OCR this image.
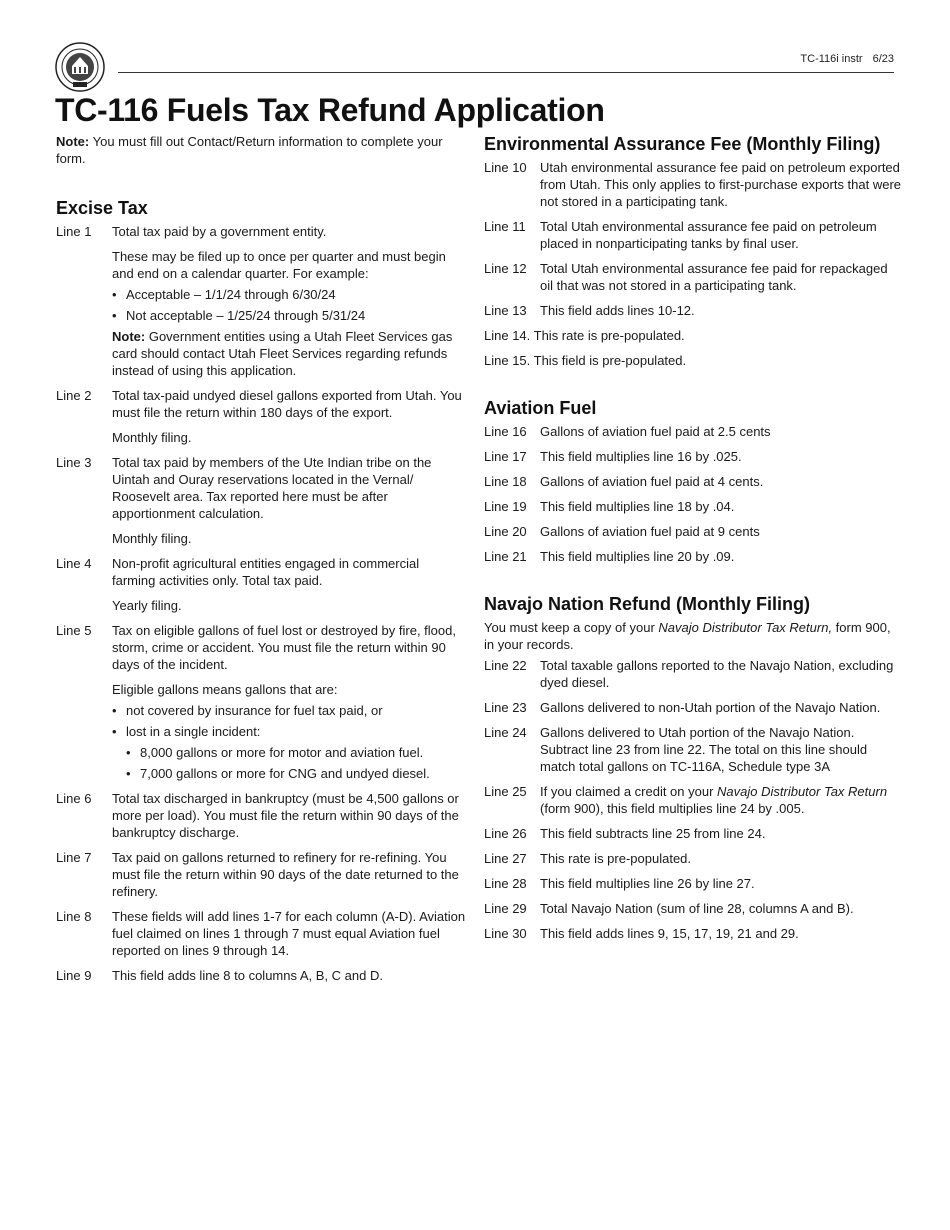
TC-116i instr 6/23
TC-116 Fuels Tax Refund Application

Note: You must fill out Contact/Return information to complete your form.

Excise Tax
Line 1	Total tax paid by a government entity.
These may be filed up to once per quarter and must begin and end on a calendar quarter. For example:
• Acceptable – 1/1/24 through 6/30/24
• Not acceptable – 1/25/24 through 5/31/24
Note: Government entities using a Utah Fleet Services gas card should contact Utah Fleet Services regarding refunds instead of using this application.
Line 2	Total tax-paid undyed diesel gallons exported from Utah. You must file the return within 180 days of the export.
Monthly filing.
Line 3	Total tax paid by members of the Ute Indian tribe on the Uintah and Ouray reservations located in the Vernal/ Roosevelt area. Tax reported here must be after apportionment calculation.
Monthly filing.
Line 4	Non-profit agricultural entities engaged in commercial farming activities only. Total tax paid.
Yearly filing.
Line 5	Tax on eligible gallons of fuel lost or destroyed by fire, flood, storm, crime or accident. You must file the return within 90 days of the incident.
Eligible gallons means gallons that are:
• not covered by insurance for fuel tax paid, or
• lost in a single incident:
• 8,000 gallons or more for motor and aviation fuel.
• 7,000 gallons or more for CNG and undyed diesel.
Line 6	Total tax discharged in bankruptcy (must be 4,500 gallons or more per load). You must file the return within 90 days of the bankruptcy discharge.
Line 7	Tax paid on gallons returned to refinery for re-refining. You must file the return within 90 days of the date returned to the refinery.
Line 8	These fields will add lines 1-7 for each column (A-D). Aviation fuel claimed on lines 1 through 7 must equal Aviation fuel reported on lines 9 through 14.
Line 9	This field adds line 8 to columns A, B, C and D.
Environmental Assurance Fee (Monthly Filing)
Line 10	Utah environmental assurance fee paid on petroleum exported from Utah. This only applies to first-purchase exports that were not stored in a participating tank.
Line 11	Total Utah environmental assurance fee paid on petroleum placed in nonparticipating tanks by final user.
Line 12	Total Utah environmental assurance fee paid for repackaged oil that was not stored in a participating tank.
Line 13	This field adds lines 10-12.
Line 14. This rate is pre-populated.
Line 15. This field is pre-populated.
Aviation Fuel
Line 16	Gallons of aviation fuel paid at 2.5 cents
Line 17	This field multiplies line 16 by .025.
Line 18	Gallons of aviation fuel paid at 4 cents.
Line 19	This field multiplies line 18 by .04.
Line 20	Gallons of aviation fuel paid at 9 cents
Line 21	This field multiplies line 20 by .09.
Navajo Nation Refund (Monthly Filing)
You must keep a copy of your Navajo Distributor Tax Return, form 900, in your records.
Line 22	Total taxable gallons reported to the Navajo Nation, excluding dyed diesel.
Line 23	Gallons delivered to non-Utah portion of the Navajo Nation.
Line 24	Gallons delivered to Utah portion of the Navajo Nation. Subtract line 23 from line 22. The total on this line should match total gallons on TC-116A, Schedule type 3A
Line 25	If you claimed a credit on your Navajo Distributor Tax Return (form 900), this field multiplies line 24 by .005.
Line 26	This field subtracts line 25 from line 24.
Line 27	This rate is pre-populated.
Line 28	This field multiplies line 26 by line 27.
Line 29	Total Navajo Nation (sum of line 28, columns A and B).
Line 30	This field adds lines 9, 15, 17, 19, 21 and 29.
